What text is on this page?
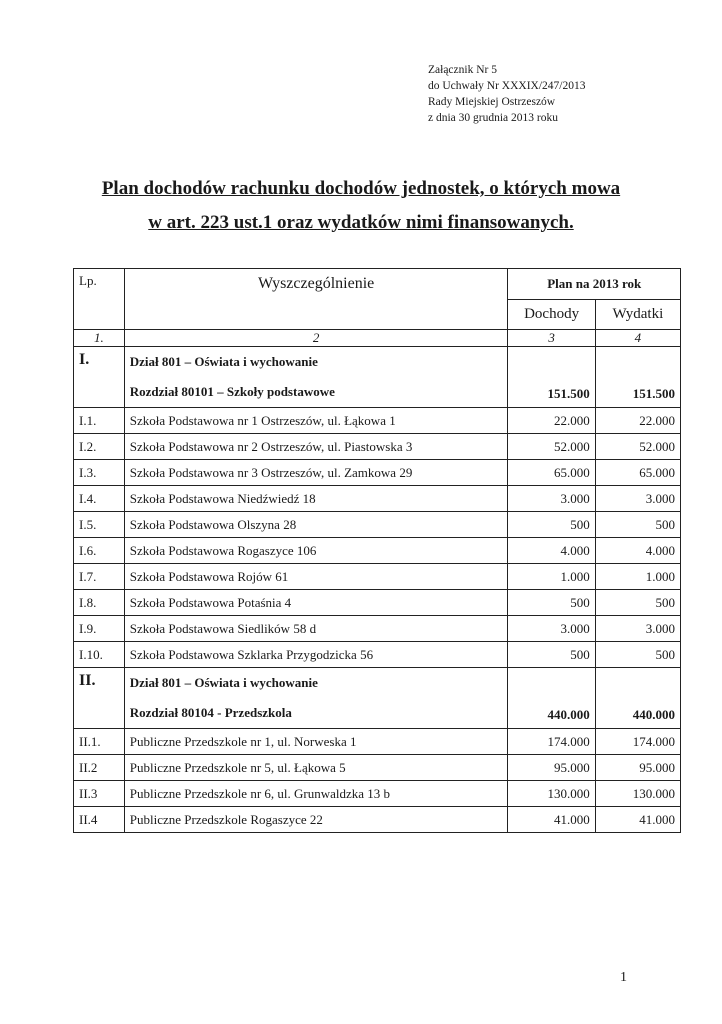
Załącznik Nr 5
do Uchwały Nr XXXIX/247/2013
Rady Miejskiej Ostrzeszów
z dnia 30 grudnia 2013 roku
Plan dochodów rachunku dochodów jednostek, o których mowa
w art. 223 ust.1 oraz wydatków nimi finansowanych.
Lp.	Wyszczególnienie	Plan na 2013 rok	
		Dochody	Wydatki
1.	2	3	4
I.	Dział 801 – Oświata i wychowanie	151.500	151.500
	Rozdział 80101 – Szkoły podstawowe		
I.1.	Szkoła Podstawowa nr 1 Ostrzeszów, ul. Łąkowa 1	22.000	22.000
I.2.	Szkoła Podstawowa nr 2 Ostrzeszów, ul. Piastowska 3	52.000	52.000
I.3.	Szkoła Podstawowa nr 3 Ostrzeszów, ul. Zamkowa 29	65.000	65.000
I.4.	Szkoła Podstawowa Niedźwiedź 18	3.000	3.000
I.5.	Szkoła Podstawowa Olszyna 28	500	500
I.6.	Szkoła Podstawowa Rogaszyce 106	4.000	4.000
I.7.	Szkoła Podstawowa Rojów 61	1.000	1.000
I.8.	Szkoła Podstawowa Potaśnia 4	500	500
I.9.	Szkoła Podstawowa Siedlików 58 d	3.000	3.000
I.10.	Szkoła Podstawowa Szklarka Przygodzicka 56	500	500
II.	Dział 801 – Oświata i wychowanie	440.000	440.000
	Rozdział 80104 - Przedszkola		
II.1.	Publiczne Przedszkole nr 1, ul. Norweska 1	174.000	174.000
II.2	Publiczne Przedszkole nr 5, ul. Łąkowa 5	95.000	95.000
II.3	Publiczne Przedszkole nr 6, ul. Grunwaldzka 13 b	130.000	130.000
II.4	Publiczne Przedszkole Rogaszyce 22	41.000	41.000
1
